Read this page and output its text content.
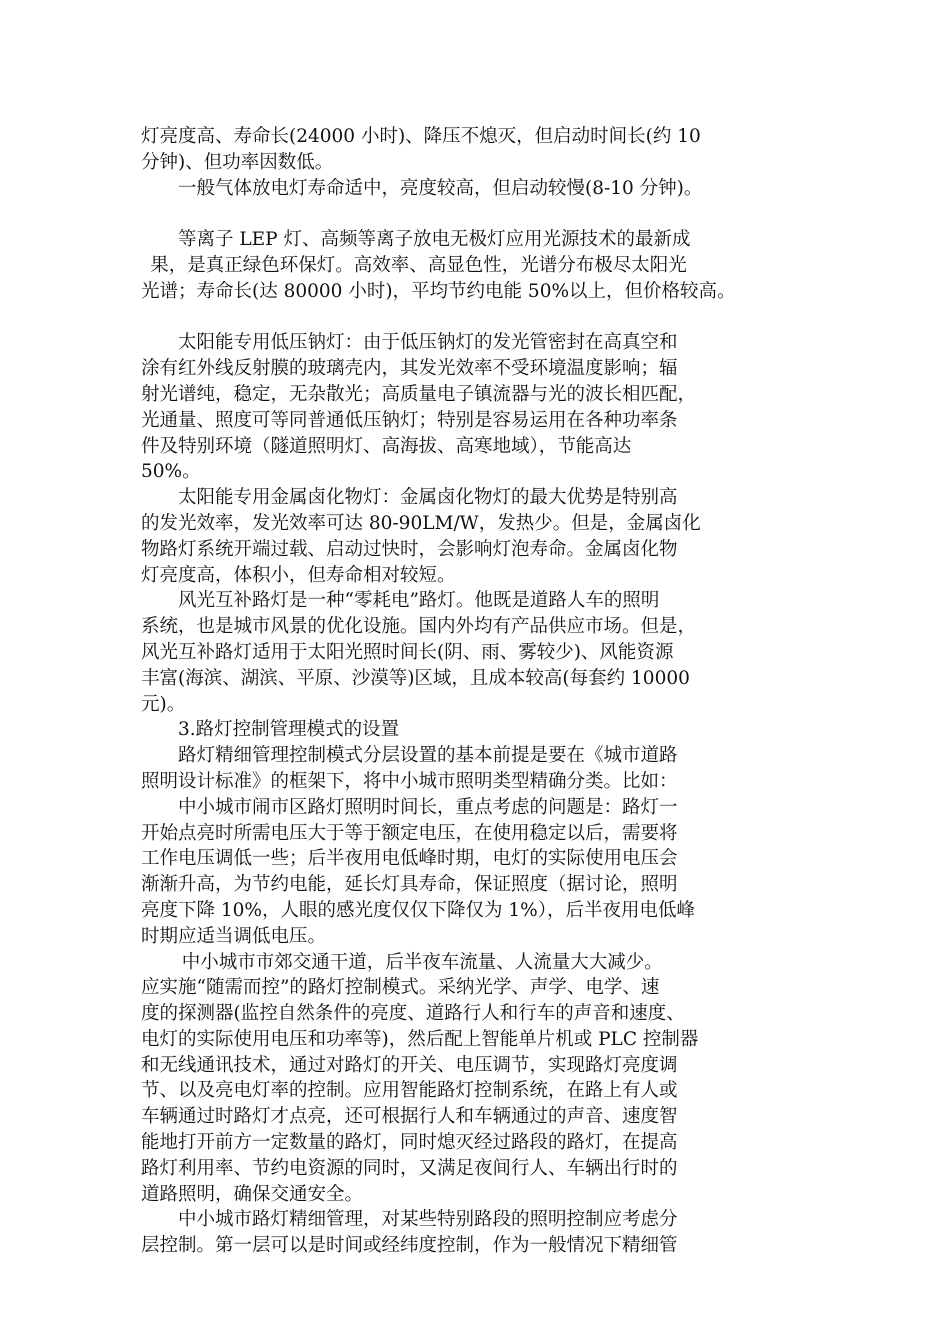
灯亮度高、寿命长(24000 小时)、降压不熄灭，但启动时间长(约 10
分钟)、但功率因数低。
一般气体放电灯寿命适中，亮度较高，但启动较慢(8-10 分钟)。
等离子 LEP 灯、高频等离子放电无极灯应用光源技术的最新成
果，是真正绿色环保灯。高效率、高显色性，光谱分布极尽太阳光
光谱；寿命长(达 80000 小时)，平均节约电能 50%以上，但价格较高。
太阳能专用低压钠灯：由于低压钠灯的发光管密封在高真空和
涂有红外线反射膜的玻璃壳内，其发光效率不受环境温度影响；辐
射光谱纯，稳定，无杂散光；高质量电子镇流器与光的波长相匹配，
光通量、照度可等同普通低压钠灯；特别是容易运用在各种功率条
件及特别环境（隧道照明灯、高海拔、高寒地域），节能高达
50%。
太阳能专用金属卤化物灯：金属卤化物灯的最大优势是特别高
的发光效率，发光效率可达 80-90LM/W，发热少。但是，金属卤化
物路灯系统开端过载、启动过快时，会影响灯泡寿命。金属卤化物
灯亮度高，体积小，但寿命相对较短。
风光互补路灯是一种“零耗电”路灯。他既是道路人车的照明
系统，也是城市风景的优化设施。国内外均有产品供应市场。但是，
风光互补路灯适用于太阳光照时间长(阴、雨、雾较少)、风能资源
丰富(海滨、湖滨、平原、沙漠等)区域，且成本较高(每套约 10000
元)。
3.路灯控制管理模式的设置
路灯精细管理控制模式分层设置的基本前提是要在《城市道路
照明设计标准》的框架下，将中小城市照明类型精确分类。比如：
中小城市闹市区路灯照明时间长，重点考虑的问题是：路灯一
开始点亮时所需电压大于等于额定电压，在使用稳定以后，需要将
工作电压调低一些；后半夜用电低峰时期，电灯的实际使用电压会
渐渐升高，为节约电能，延长灯具寿命，保证照度（据讨论，照明
亮度下降 10%，人眼的感光度仅仅下降仅为 1%），后半夜用电低峰
时期应适当调低电压。
中小城市市郊交通干道，后半夜车流量、人流量大大减少。
应实施“随需而控”的路灯控制模式。采纳光学、声学、电学、速
度的探测器(监控自然条件的亮度、道路行人和行车的声音和速度、
电灯的实际使用电压和功率等)，然后配上智能单片机或 PLC 控制器
和无线通讯技术，通过对路灯的开关、电压调节，实现路灯亮度调
节、以及亮电灯率的控制。应用智能路灯控制系统，在路上有人或
车辆通过时路灯才点亮，还可根据行人和车辆通过的声音、速度智
能地打开前方一定数量的路灯，同时熄灭经过路段的路灯，在提高
路灯利用率、节约电资源的同时，又满足夜间行人、车辆出行时的
道路照明，确保交通安全。
中小城市路灯精细管理，对某些特别路段的照明控制应考虑分
层控制。第一层可以是时间或经纬度控制，作为一般情况下精细管
